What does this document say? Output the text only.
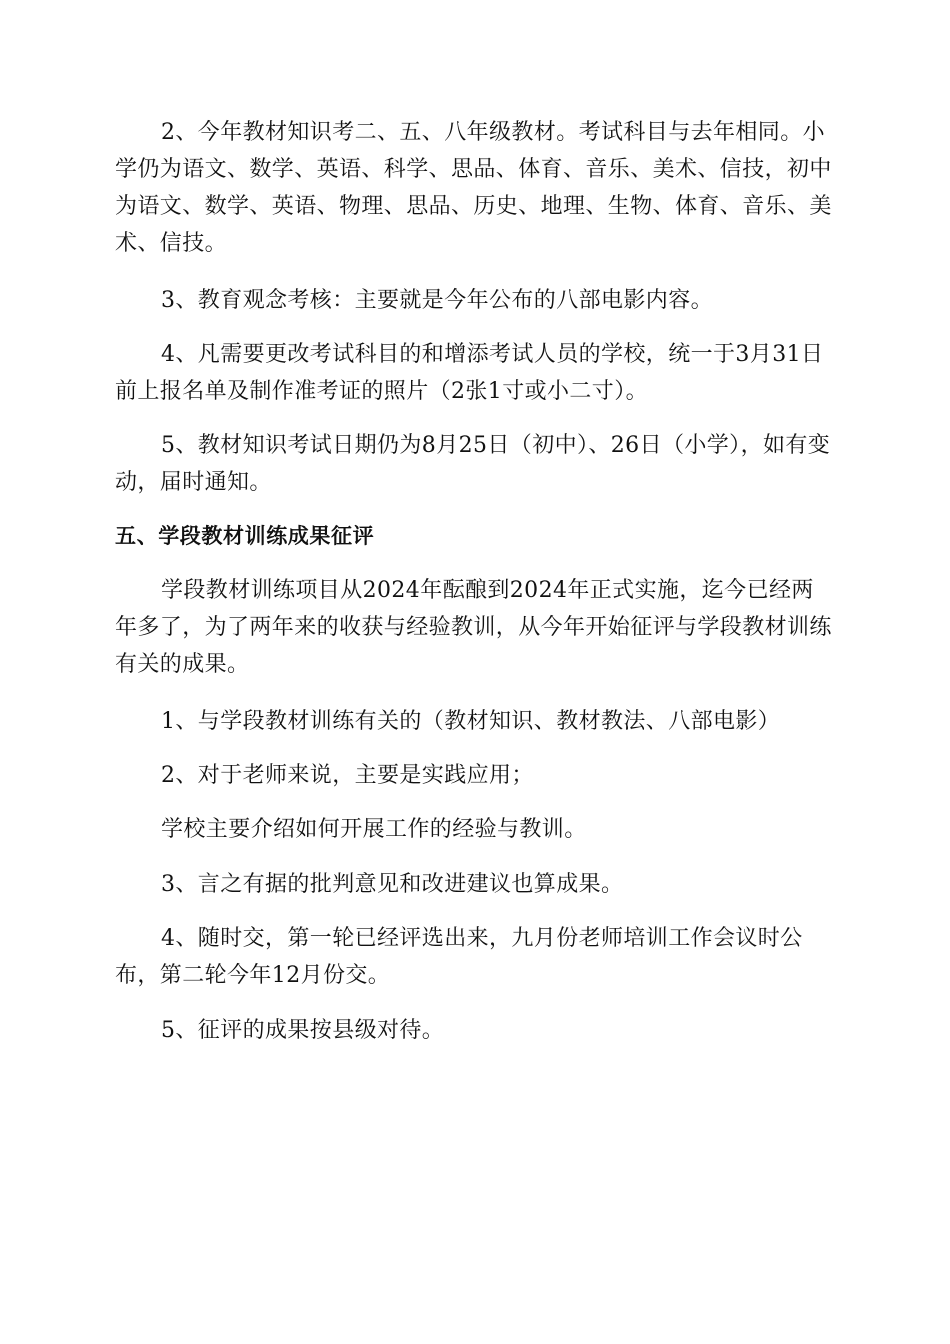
2、今年教材知识考二、五、八年级教材。考试科目与去年相同。小学仍为语文、数学、英语、科学、思品、体育、音乐、美术、信技，初中为语文、数学、英语、物理、思品、历史、地理、生物、体育、音乐、美术、信技。

3、教育观念考核：主要就是今年公布的八部电影内容。

4、凡需要更改考试科目的和增添考试人员的学校，统一于3月31日前上报名单及制作准考证的照片（2张1寸或小二寸）。

5、教材知识考试日期仍为8月25日（初中）、26日（小学），如有变动，届时通知。

五、学段教材训练成果征评

学段教材训练项目从2024年酝酿到2024年正式实施，迄今已经两年多了，为了两年来的收获与经验教训，从今年开始征评与学段教材训练有关的成果。

1、与学段教材训练有关的（教材知识、教材教法、八部电影）

2、对于老师来说，主要是实践应用；

学校主要介绍如何开展工作的经验与教训。

3、言之有据的批判意见和改进建议也算成果。

4、随时交，第一轮已经评选出来，九月份老师培训工作会议时公布，第二轮今年12月份交。

5、征评的成果按县级对待。
